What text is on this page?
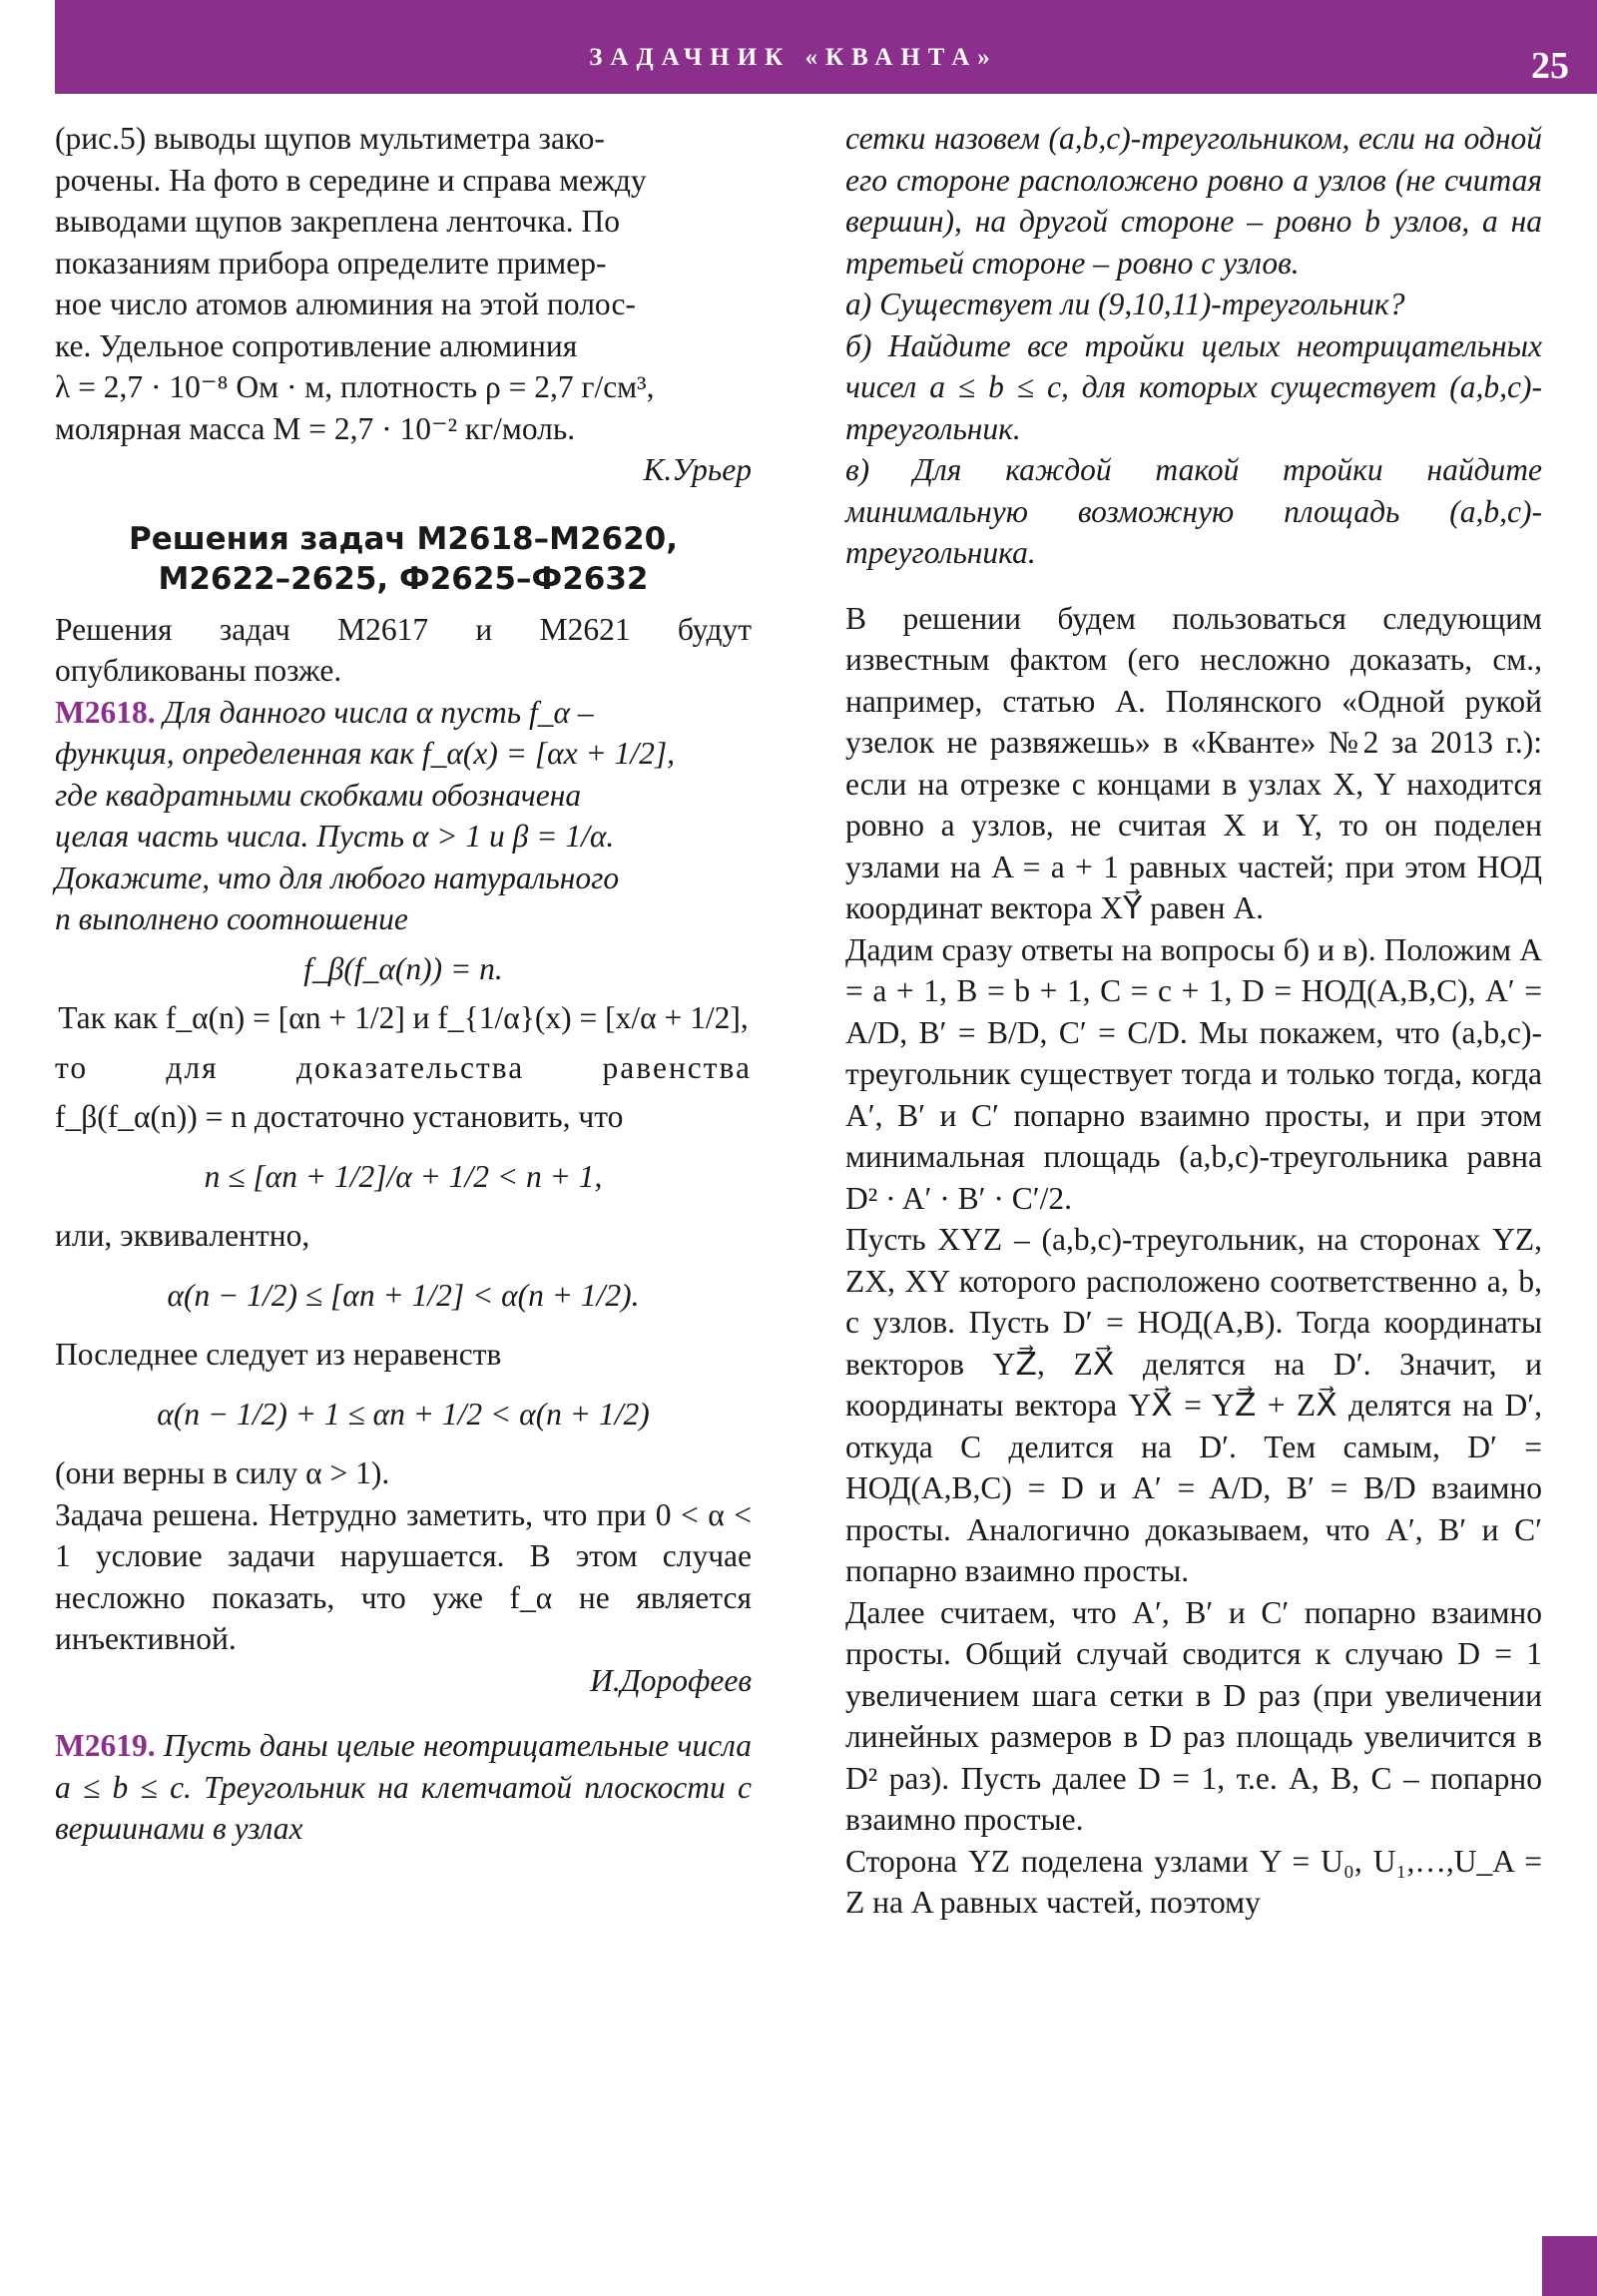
ЗАДАЧНИК «КВАНТА»	25

(рис.5) выводы щупов мультиметра зако-

рочены. На фото в середине и справа между

выводами щупов закреплена ленточка. По

показаниям прибора определите пример-

ное число атомов алюминия на этой полос-

ке. Удельное сопротивление алюминия

λ = 2,7 · 10⁻⁸ Ом · м, плотность ρ = 2,7 г/см³,

молярная масса M = 2,7 · 10⁻² кг/моль.

К.Урьер

Решения задач М2618–М2620,
М2622–2625, Ф2625–Ф2632

Решения задач М2617 и М2621 будут опубликованы позже.

М2618. Для данного числа α пусть f_α –

функция, определенная как f_α(x) = [αx + 1/2],

где квадратными скобками обозначена

целая часть числа. Пусть α > 1 и β = 1/α.

Докажите, что для любого натурального

n выполнено соотношение

f_β(f_α(n)) = n.

Так как f_α(n) = [αn + 1/2] и f_{1/α}(x) = [x/α + 1/2],

то для доказательства равенства

f_β(f_α(n)) = n достаточно установить, что

n ≤ [αn + 1/2]/α + 1/2 < n + 1,

или, эквивалентно,

α(n − 1/2) ≤ [αn + 1/2] < α(n + 1/2).

Последнее следует из неравенств

α(n − 1/2) + 1 ≤ αn + 1/2 < α(n + 1/2)

(они верны в силу α > 1).

Задача решена. Нетрудно заметить, что при 0 < α < 1 условие задачи нарушается. В этом случае несложно показать, что уже f_α не является инъективной.

И.Дорофеев

М2619. Пусть даны целые неотрицательные числа a ≤ b ≤ c. Треугольник на клетчатой плоскости с вершинами в узлах

сетки назовем (a,b,c)-треугольником, если на одной его стороне расположено ровно a узлов (не считая вершин), на другой стороне – ровно b узлов, а на третьей стороне – ровно c узлов.

а) Существует ли (9,10,11)-треугольник?

б) Найдите все тройки целых неотрицательных чисел a ≤ b ≤ c, для которых существует (a,b,c)-треугольник.

в) Для каждой такой тройки найдите минимальную возможную площадь (a,b,c)-треугольника.

В решении будем пользоваться следующим известным фактом (его несложно доказать, см., например, статью А. Полянского «Одной рукой узелок не развяжешь» в «Кванте» №2 за 2013 г.): если на отрезке с концами в узлах X, Y находится ровно a узлов, не считая X и Y, то он поделен узлами на A = a + 1 равных частей; при этом НОД координат вектора XY⃗ равен A.

Дадим сразу ответы на вопросы б) и в). Положим A = a + 1, B = b + 1, C = c + 1, D = НОД(A,B,C), A′ = A/D, B′ = B/D, C′ = C/D. Мы покажем, что (a,b,c)-треугольник существует тогда и только тогда, когда A′, B′ и C′ попарно взаимно просты, и при этом минимальная площадь (a,b,c)-треугольника равна D² · A′ · B′ · C′/2.

Пусть XYZ – (a,b,c)-треугольник, на сторонах YZ, ZX, XY которого расположено соответственно a, b, c узлов. Пусть D′ = НОД(A,B). Тогда координаты векторов YZ⃗, ZX⃗ делятся на D′. Значит, и координаты вектора YX⃗ = YZ⃗ + ZX⃗ делятся на D′, откуда C делится на D′. Тем самым, D′ = НОД(A,B,C) = D и A′ = A/D, B′ = B/D взаимно просты. Аналогично доказываем, что A′, B′ и C′ попарно взаимно просты.

Далее считаем, что A′, B′ и C′ попарно взаимно просты. Общий случай сводится к случаю D = 1 увеличением шага сетки в D раз (при увеличении линейных размеров в D раз площадь увеличится в D² раз). Пусть далее D = 1, т.е. A, B, C – попарно взаимно простые.

Сторона YZ поделена узлами Y = U₀, U₁,…,U_A = Z на A равных частей, поэтому
